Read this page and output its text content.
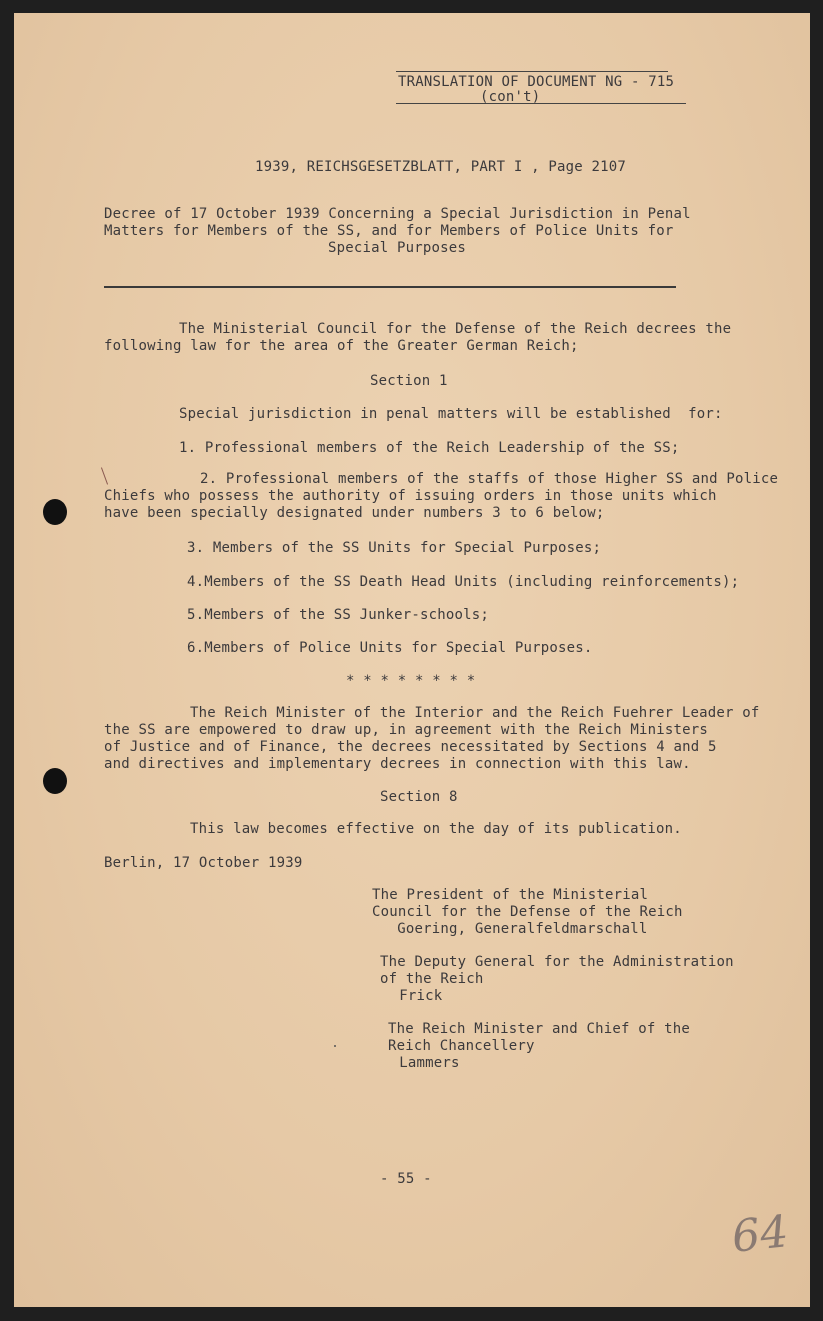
TRANSLATION OF DOCUMENT NG - 715
(con't)
1939, REICHSGESETZBLATT, PART I , Page 2107
Decree of 17 October 1939 Concerning a Special Jurisdiction in Penal
Matters for Members of the SS, and for Members of Police Units for
Special Purposes
The Ministerial Council for the Defense of the Reich decrees the
following law for the area of the Greater German Reich;
Section 1
Special jurisdiction in penal matters will be established  for:
1. Professional members of the Reich Leadership of the SS;
2. Professional members of the staffs of those Higher SS and Police
Chiefs who possess the authority of issuing orders in those units which
have been specially designated under numbers 3 to 6 below;
3. Members of the SS Units for Special Purposes;
4.Members of the SS Death Head Units (including reinforcements);
5.Members of the SS Junker-schools;
6.Members of Police Units for Special Purposes.
* * * * * * * *
The Reich Minister of the Interior and the Reich Fuehrer Leader of
the SS are empowered to draw up, in agreement with the Reich Ministers
of Justice and of Finance, the decrees necessitated by Sections 4 and 5
and directives and implementary decrees in connection with this law.
Section 8
This law becomes effective on the day of its publication.
Berlin, 17 October 1939
The President of the Ministerial
Council for the Defense of the Reich
Goering, Generalfeldmarschall
The Deputy General for the Administration
of the Reich
Frick
The Reich Minister and Chief of the
Reich Chancellery
Lammers
- 55 -
64
